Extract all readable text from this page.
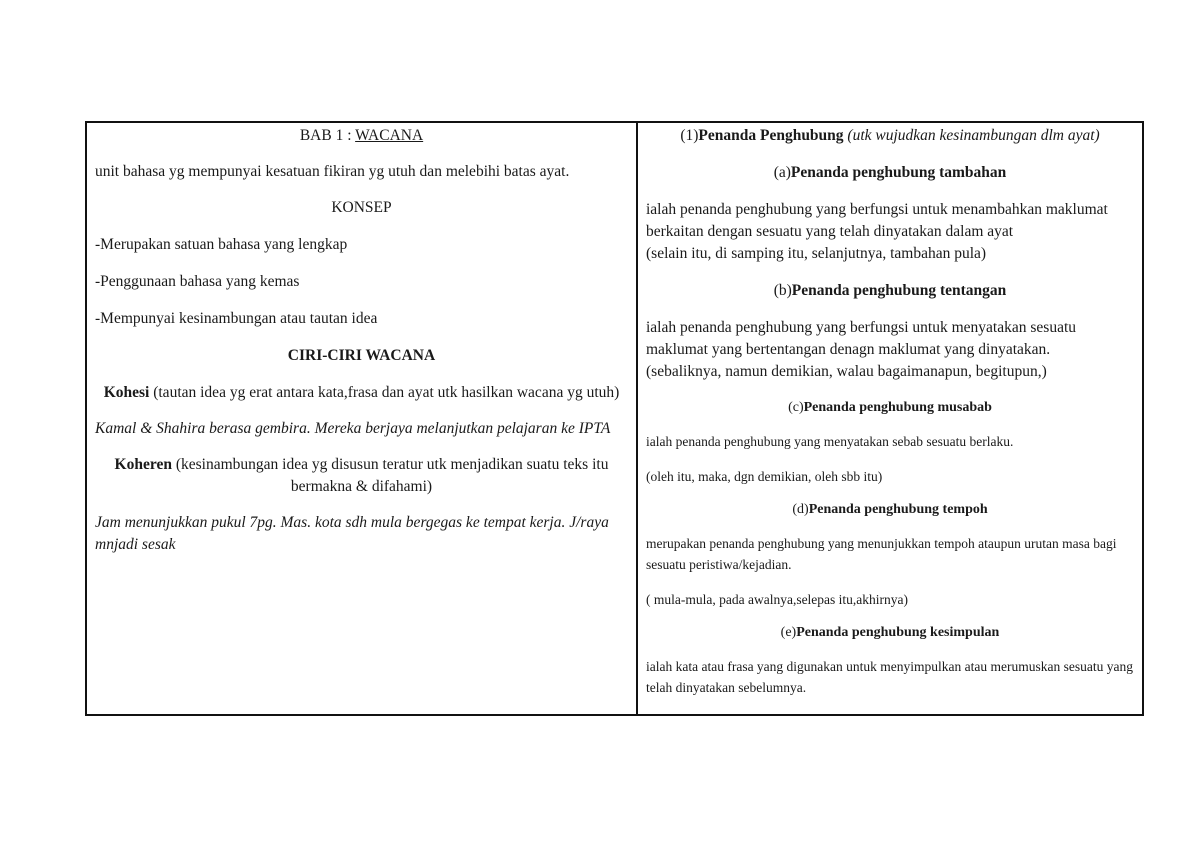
BAB 1 : WACANA

unit bahasa yg mempunyai kesatuan fikiran yg utuh dan melebihi batas ayat.

KONSEP

-Merupakan satuan bahasa yang lengkap

-Penggunaan bahasa yang kemas

-Mempunyai kesinambungan atau tautan idea

CIRI-CIRI WACANA

Kohesi (tautan idea yg erat antara kata,frasa dan ayat utk hasilkan wacana yg utuh)

Kamal & Shahira berasa gembira. Mereka berjaya melanjutkan pelajaran ke IPTA

Koheren (kesinambungan idea yg disusun teratur utk menjadikan suatu teks itu bermakna & difahami)

Jam menunjukkan pukul 7pg. Mas. kota sdh mula bergegas ke tempat kerja. J/raya mnjadi sesak

(1)Penanda Penghubung (utk wujudkan kesinambungan dlm ayat)

(a)Penanda penghubung tambahan

ialah penanda penghubung yang berfungsi untuk menambahkan maklumat berkaitan dengan sesuatu yang telah dinyatakan dalam ayat

(selain itu, di samping itu, selanjutnya, tambahan pula)

(b)Penanda penghubung tentangan

ialah penanda penghubung yang berfungsi untuk menyatakan sesuatu maklumat yang bertentangan denagn maklumat yang dinyatakan.

(sebaliknya, namun demikian, walau bagaimanapun, begitupun,)

(c)Penanda penghubung musabab

ialah penanda penghubung yang menyatakan sebab sesuatu berlaku.

(oleh itu, maka, dgn demikian, oleh sbb itu)

(d)Penanda penghubung tempoh

merupakan penanda penghubung yang menunjukkan tempoh ataupun urutan masa bagi sesuatu peristiwa/kejadian.

( mula-mula, pada awalnya,selepas itu,akhirnya)

(e)Penanda penghubung kesimpulan

ialah kata atau frasa yang digunakan untuk menyimpulkan atau merumuskan sesuatu yang telah dinyatakan sebelumnya.
